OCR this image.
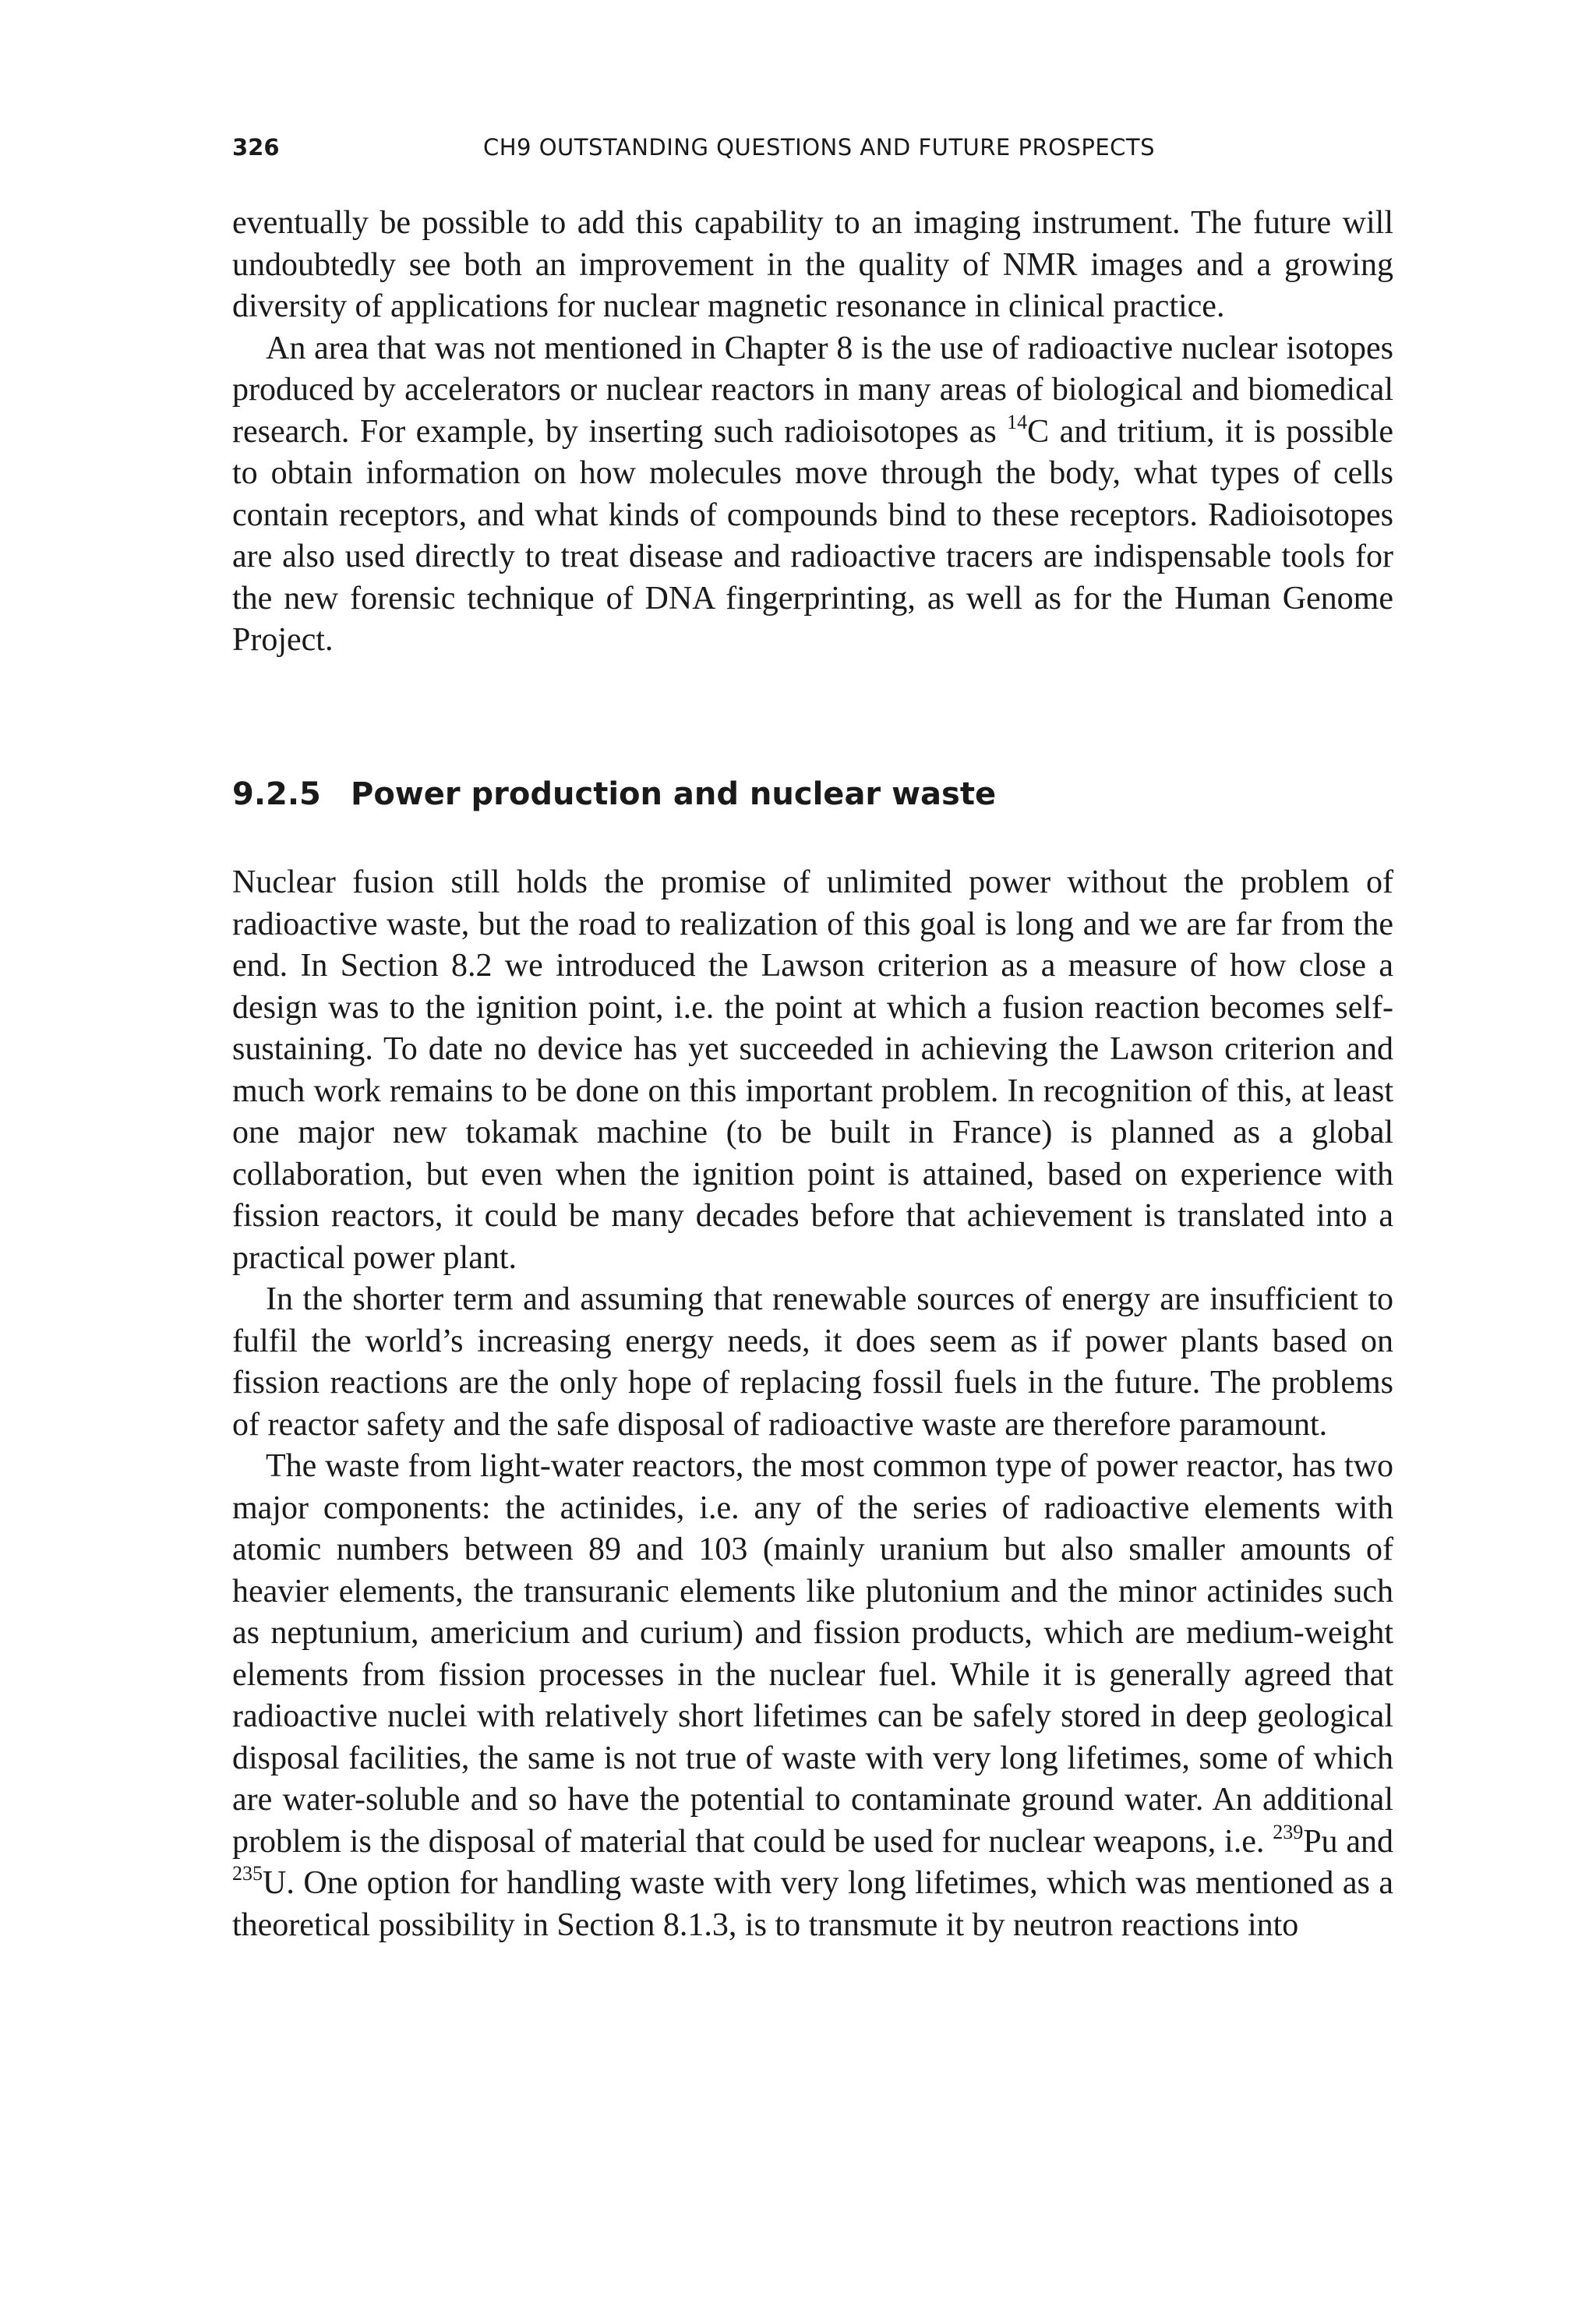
326	CH9 OUTSTANDING QUESTIONS AND FUTURE PROSPECTS

eventually be possible to add this capability to an imaging instrument. The future will undoubtedly see both an improvement in the quality of NMR images and a growing diversity of applications for nuclear magnetic resonance in clinical practice.

An area that was not mentioned in Chapter 8 is the use of radioactive nuclear isotopes produced by accelerators or nuclear reactors in many areas of biological and biomedical research. For example, by inserting such radioisotopes as $^{14}$C and tritium, it is possible to obtain information on how molecules move through the body, what types of cells contain receptors, and what kinds of compounds bind to these receptors. Radioisotopes are also used directly to treat disease and radioactive tracers are indispensable tools for the new forensic technique of DNA fingerprinting, as well as for the Human Genome Project.

9.2.5 Power production and nuclear waste

Nuclear fusion still holds the promise of unlimited power without the problem of radioactive waste, but the road to realization of this goal is long and we are far from the end. In Section 8.2 we introduced the Lawson criterion as a measure of how close a design was to the ignition point, i.e. the point at which a fusion reaction becomes self-sustaining. To date no device has yet succeeded in achieving the Lawson criterion and much work remains to be done on this important problem. In recognition of this, at least one major new tokamak machine (to be built in France) is planned as a global collaboration, but even when the ignition point is attained, based on experience with fission reactors, it could be many decades before that achievement is translated into a practical power plant.

In the shorter term and assuming that renewable sources of energy are insufficient to fulfil the world’s increasing energy needs, it does seem as if power plants based on fission reactions are the only hope of replacing fossil fuels in the future. The problems of reactor safety and the safe disposal of radioactive waste are therefore paramount.

The waste from light-water reactors, the most common type of power reactor, has two major components: the actinides, i.e. any of the series of radioactive elements with atomic numbers between 89 and 103 (mainly uranium but also smaller amounts of heavier elements, the transuranic elements like plutonium and the minor actinides such as neptunium, americium and curium) and fission products, which are medium-weight elements from fission processes in the nuclear fuel. While it is generally agreed that radioactive nuclei with relatively short lifetimes can be safely stored in deep geological disposal facilities, the same is not true of waste with very long lifetimes, some of which are water-soluble and so have the potential to contaminate ground water. An additional problem is the disposal of material that could be used for nuclear weapons, i.e. $^{239}$Pu and $^{235}$U. One option for handling waste with very long lifetimes, which was mentioned as a theoretical possibility in Section 8.1.3, is to transmute it by neutron reactions into
